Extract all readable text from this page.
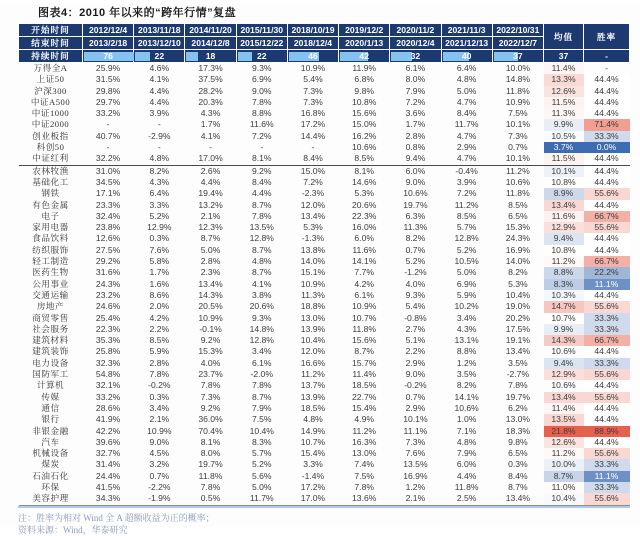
图表4：2010 年以来的“跨年行情”复盘
开始时间	2012/12/4	2013/11/18	2014/11/20	2015/11/30	2018/10/19	2019/12/2	2020/11/2	2021/11/3	2022/10/31	均值	胜率
结束时间	2013/2/18	2013/12/10	2014/12/8	2015/12/22	2018/12/4	2020/1/13	2020/12/4	2021/12/13	2022/12/7		
持续时间	76	22	18	22	46	42	32	40	37	37	-
万得全A	25.9%	4.6%	17.3%	9.3%	10.9%	11.9%	6.1%	6.4%	10.0%	11.4%	-
上证50	31.5%	4.1%	37.5%	6.9%	5.4%	6.8%	8.0%	4.8%	14.8%	13.3%	44.4%
沪深300	29.8%	4.4%	28.2%	9.0%	7.3%	9.8%	7.9%	5.0%	11.8%	12.6%	44.4%
中证A500	29.7%	4.4%	20.3%	7.8%	7.3%	10.8%	7.2%	4.7%	10.9%	11.5%	44.4%
中证1000	33.2%	3.9%	4.3%	8.8%	16.8%	15.6%	3.6%	8.4%	7.5%	11.3%	44.4%
中证2000	-	-	1.7%	11.6%	17.2%	15.0%	1.7%	11.7%	10.1%	9.9%	71.4%
创业板指	40.7%	-2.9%	4.1%	7.2%	14.4%	16.2%	2.8%	4.7%	7.3%	10.5%	33.3%
科创50	-	-	-	-	-	10.6%	0.8%	2.9%	0.7%	3.7%	0.0%
中证红利	32.2%	4.8%	17.0%	8.1%	8.4%	8.5%	9.4%	4.7%	10.1%	11.5%	44.4%
农林牧渔	31.0%	8.2%	2.6%	9.2%	15.0%	8.1%	6.0%	-0.4%	11.2%	10.1%	44.4%
基础化工	34.5%	4.3%	4.4%	8.4%	7.2%	14.6%	9.0%	3.9%	10.6%	10.8%	44.4%
钢铁	17.1%	6.4%	19.4%	4.4%	-2.3%	5.3%	10.6%	7.2%	11.8%	8.9%	55.6%
有色金属	23.3%	3.3%	13.2%	8.7%	12.0%	20.6%	19.7%	11.2%	8.5%	13.4%	44.4%
电子	32.4%	5.2%	2.1%	7.8%	13.4%	22.3%	6.3%	8.5%	6.5%	11.6%	66.7%
家用电器	23.8%	12.9%	12.3%	13.5%	5.3%	16.0%	11.3%	5.7%	15.3%	12.9%	55.6%
食品饮料	12.6%	0.3%	8.7%	12.8%	-1.3%	6.0%	8.2%	12.8%	24.3%	9.4%	44.4%
纺织服饰	27.5%	7.6%	5.0%	8.7%	13.8%	11.6%	0.7%	5.2%	16.9%	10.8%	44.4%
轻工制造	29.2%	5.8%	2.8%	4.8%	14.0%	14.1%	5.2%	10.5%	14.0%	11.2%	66.7%
医药生物	31.6%	1.7%	2.3%	8.7%	15.1%	7.7%	-1.2%	5.0%	8.2%	8.8%	22.2%
公用事业	24.3%	1.6%	13.4%	4.1%	10.9%	4.2%	4.0%	6.9%	5.3%	8.3%	11.1%
交通运输	23.2%	8.6%	14.3%	3.8%	11.3%	6.1%	9.3%	5.9%	10.4%	10.3%	44.4%
房地产	24.6%	2.0%	20.5%	20.6%	18.8%	10.9%	5.4%	10.2%	19.0%	14.7%	55.6%
商贸零售	25.4%	4.2%	10.9%	9.3%	13.0%	10.7%	-0.8%	3.4%	20.2%	10.7%	33.3%
社会服务	22.3%	2.2%	-0.1%	14.8%	13.9%	11.8%	2.7%	4.3%	17.5%	9.9%	33.3%
建筑材料	35.3%	8.5%	9.2%	12.8%	10.4%	15.6%	5.1%	13.1%	19.1%	14.3%	66.7%
建筑装饰	25.8%	5.9%	15.3%	3.4%	12.0%	8.7%	2.2%	8.8%	13.4%	10.6%	44.4%
电力设备	32.3%	2.8%	4.0%	6.1%	16.6%	15.7%	2.9%	1.2%	3.5%	9.4%	33.3%
国防军工	54.8%	7.8%	23.7%	-2.0%	11.2%	11.4%	9.0%	3.5%	-2.7%	12.9%	55.6%
计算机	32.1%	-0.2%	7.8%	7.8%	13.7%	18.5%	-0.2%	8.2%	7.8%	10.6%	44.4%
传媒	33.2%	0.3%	7.3%	8.7%	13.9%	22.7%	0.7%	14.1%	19.7%	13.4%	55.6%
通信	28.6%	3.4%	9.2%	7.9%	18.5%	15.4%	2.9%	10.6%	6.2%	11.4%	44.4%
银行	41.9%	2.1%	36.0%	7.5%	4.8%	4.9%	10.1%	1.0%	13.0%	13.5%	44.4%
非银金融	42.2%	10.9%	70.4%	10.4%	14.9%	11.2%	11.1%	7.1%	18.3%	21.8%	88.9%
汽车	39.6%	9.0%	8.1%	8.3%	10.7%	16.3%	7.3%	4.8%	9.8%	12.6%	44.4%
机械设备	32.7%	4.5%	8.0%	5.7%	15.4%	13.0%	7.6%	7.9%	6.5%	11.2%	55.6%
煤炭	31.4%	3.2%	19.7%	5.2%	3.3%	7.4%	13.5%	6.0%	0.3%	10.0%	33.3%
石油石化	24.4%	0.7%	11.8%	5.6%	-1.4%	7.5%	16.9%	4.4%	8.4%	8.7%	11.1%
环保	41.5%	-2.2%	7.8%	5.0%	17.2%	7.8%	1.2%	11.8%	8.7%	11.0%	33.3%
美容护理	34.3%	-1.9%	0.5%	11.7%	17.0%	13.6%	2.1%	2.5%	13.4%	10.4%	55.6%
注：胜率为相对 Wind 全 A 超额收益为正的概率；
资料来源：Wind，华泰研究
